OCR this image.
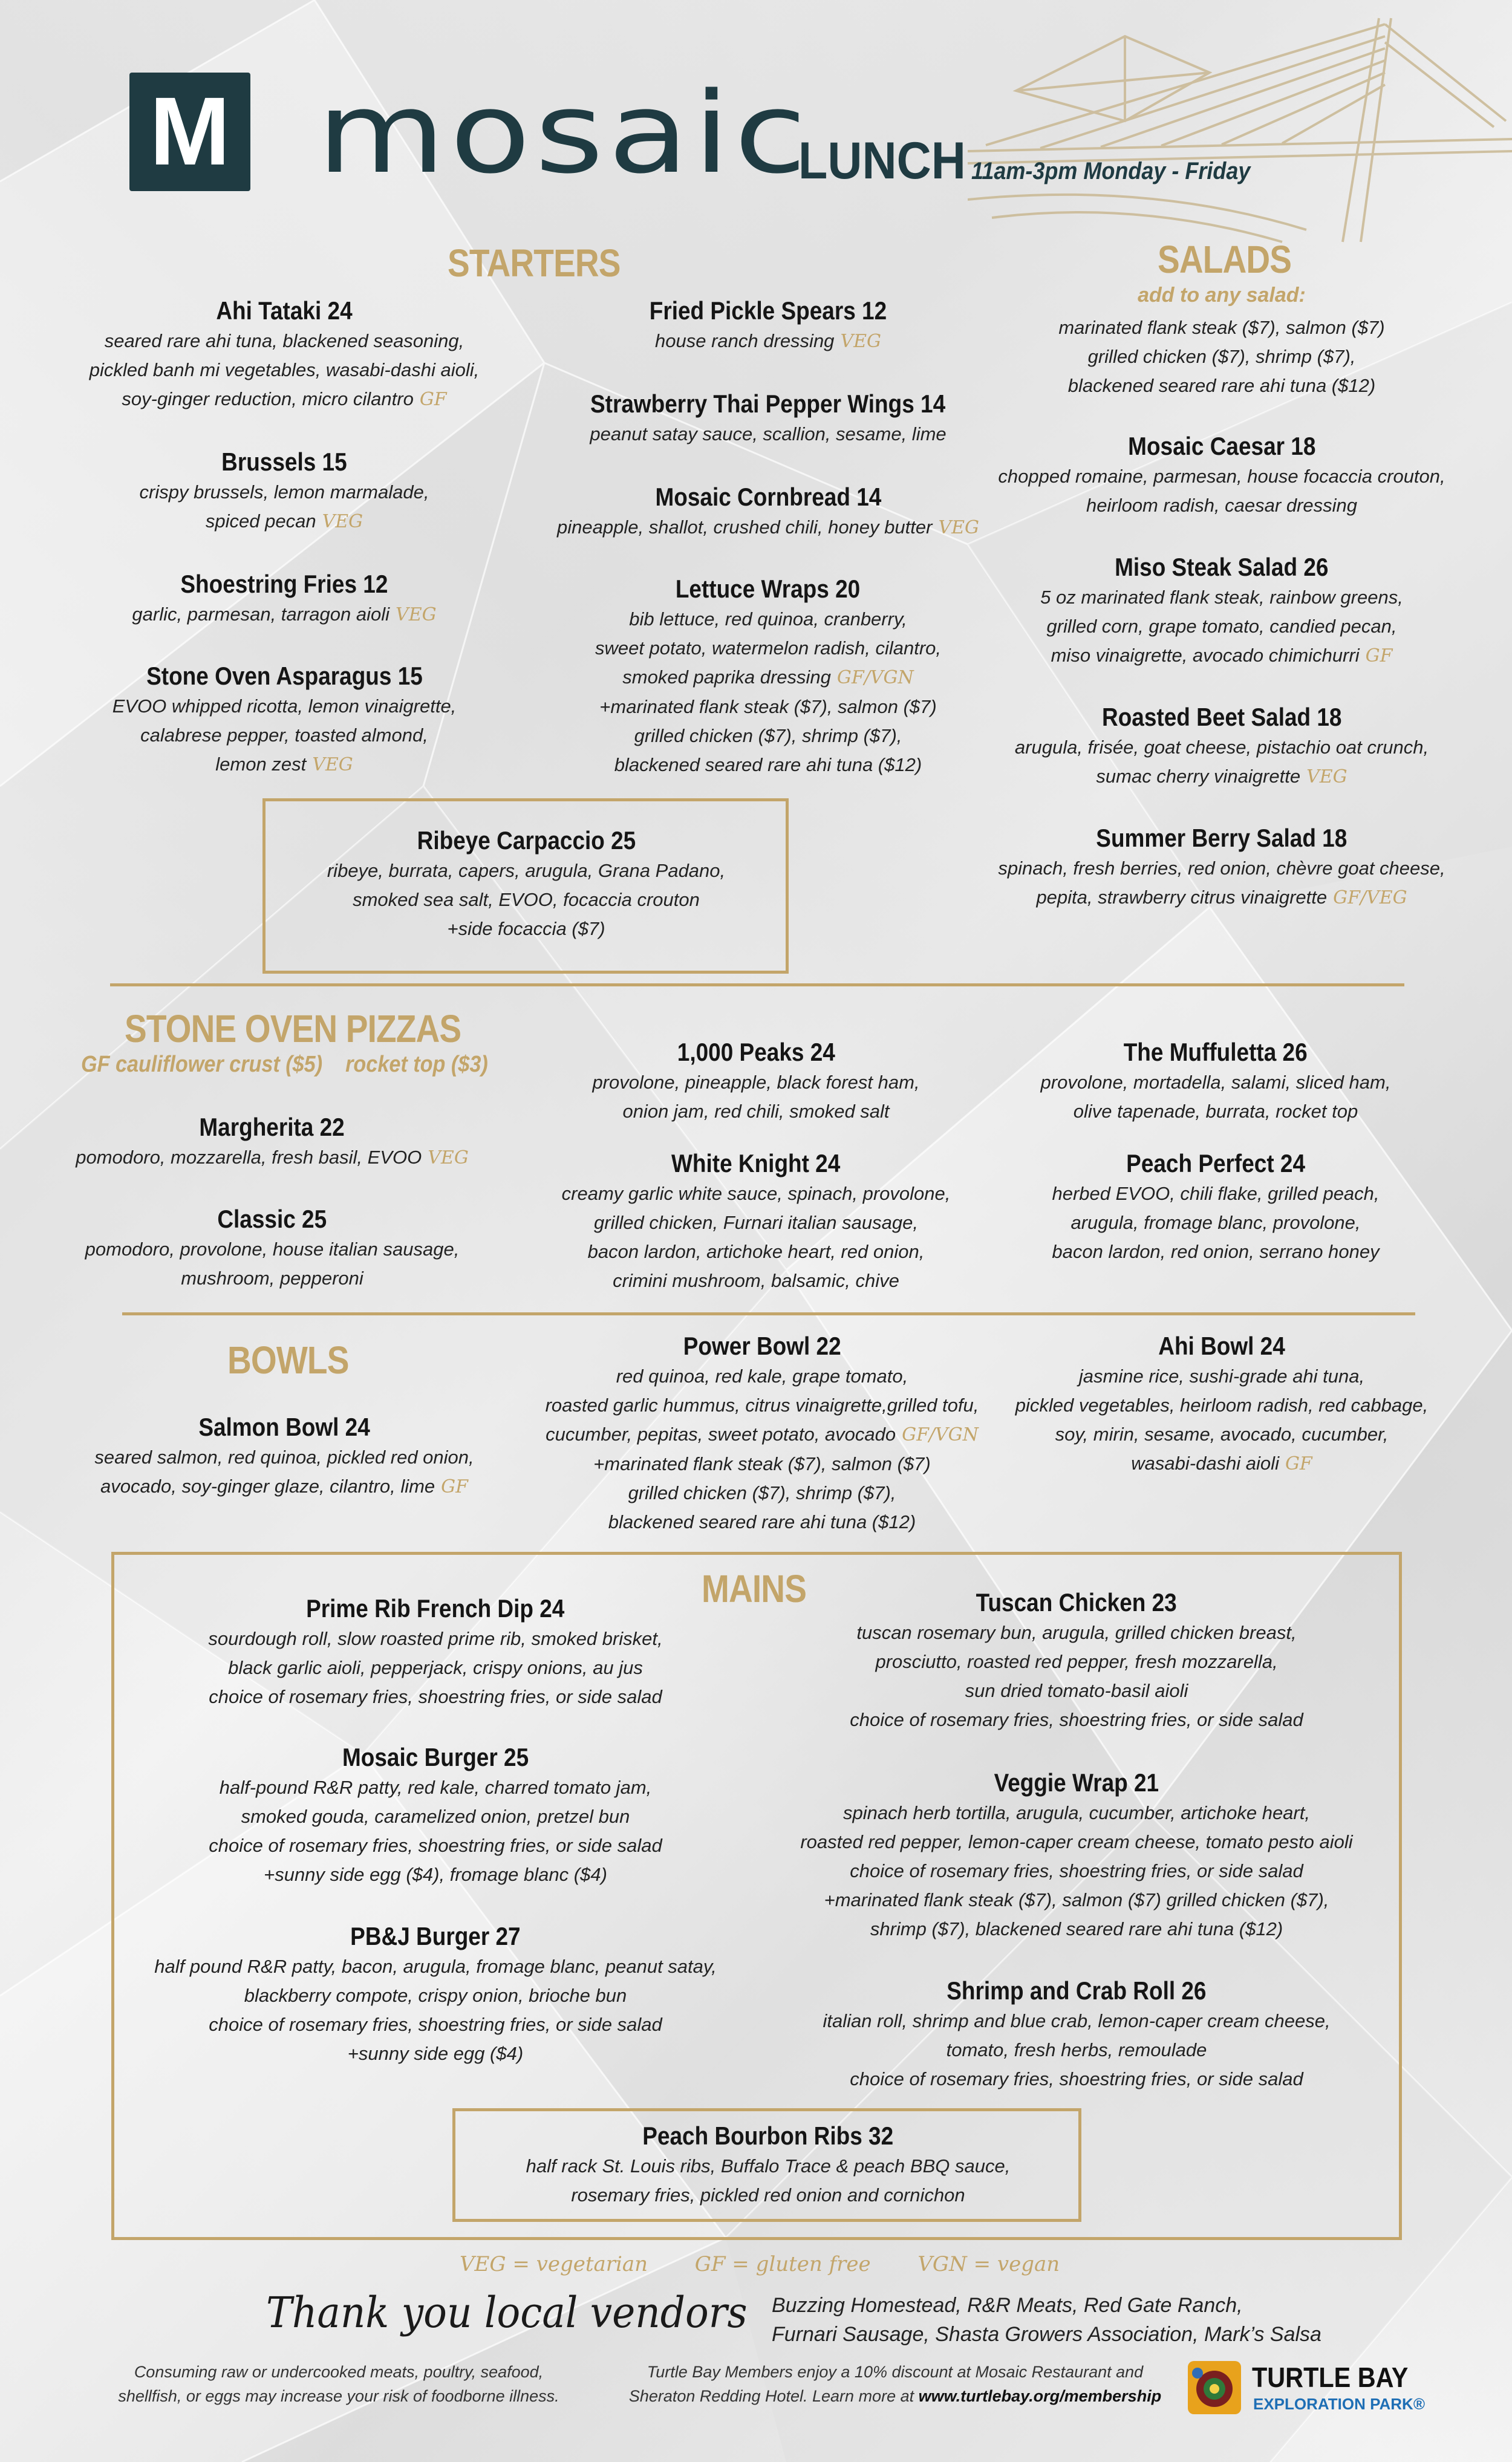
M mosaic
LUNCH 11am-3pm Monday - Friday
STARTERS
Ahi Tataki 24
seared rare ahi tuna, blackened seasoning,
pickled banh mi vegetables, wasabi-dashi aioli,
soy-ginger reduction, micro cilantro GF
Brussels 15
crispy brussels, lemon marmalade,
spiced pecan VEG
Shoestring Fries 12
garlic, parmesan, tarragon aioli VEG
Stone Oven Asparagus 15
EVOO whipped ricotta, lemon vinaigrette,
calabrese pepper, toasted almond,
lemon zest VEG
Fried Pickle Spears 12
house ranch dressing VEG
Strawberry Thai Pepper Wings 14
peanut satay sauce, scallion, sesame, lime
Mosaic Cornbread 14
pineapple, shallot, crushed chili, honey butter VEG
Lettuce Wraps 20
bib lettuce, red quinoa, cranberry,
sweet potato, watermelon radish, cilantro,
smoked paprika dressing GF/VGN
+marinated flank steak ($7), salmon ($7)
grilled chicken ($7), shrimp ($7),
blackened seared rare ahi tuna ($12)
Ribeye Carpaccio 25
ribeye, burrata, capers, arugula, Grana Padano,
smoked sea salt, EVOO, focaccia crouton
+side focaccia ($7)
SALADS
add to any salad:
marinated flank steak ($7), salmon ($7)
grilled chicken ($7), shrimp ($7),
blackened seared rare ahi tuna ($12)
Mosaic Caesar 18
chopped romaine, parmesan, house focaccia crouton,
heirloom radish, caesar dressing
Miso Steak Salad 26
5 oz marinated flank steak, rainbow greens,
grilled corn, grape tomato, candied pecan,
miso vinaigrette, avocado chimichurri GF
Roasted Beet Salad 18
arugula, frisée, goat cheese, pistachio oat crunch,
sumac cherry vinaigrette VEG
Summer Berry Salad 18
spinach, fresh berries, red onion, chèvre goat cheese,
pepita, strawberry citrus vinaigrette GF/VEG
STONE OVEN PIZZAS
GF cauliflower crust ($5)    rocket top ($3)
Margherita 22
pomodoro, mozzarella, fresh basil, EVOO VEG
Classic 25
pomodoro, provolone, house italian sausage,
mushroom, pepperoni
1,000 Peaks 24
provolone, pineapple, black forest ham,
onion jam, red chili, smoked salt
White Knight 24
creamy garlic white sauce, spinach, provolone,
grilled chicken, Furnari italian sausage,
bacon lardon, artichoke heart, red onion,
crimini mushroom, balsamic, chive
The Muffuletta 26
provolone, mortadella, salami, sliced ham,
olive tapenade, burrata, rocket top
Peach Perfect 24
herbed EVOO, chili flake, grilled peach,
arugula, fromage blanc, provolone,
bacon lardon, red onion, serrano honey
BOWLS
Salmon Bowl 24
seared salmon, red quinoa, pickled red onion,
avocado, soy-ginger glaze, cilantro, lime GF
Power Bowl 22
red quinoa, red kale, grape tomato,
roasted garlic hummus, citrus vinaigrette,grilled tofu,
cucumber, pepitas, sweet potato, avocado GF/VGN
+marinated flank steak ($7), salmon ($7)
grilled chicken ($7), shrimp ($7),
blackened seared rare ahi tuna ($12)
Ahi Bowl 24
jasmine rice, sushi-grade ahi tuna,
pickled vegetables, heirloom radish, red cabbage,
soy, mirin, sesame, avocado, cucumber,
wasabi-dashi aioli GF
MAINS
Prime Rib French Dip 24
sourdough roll, slow roasted prime rib, smoked brisket,
black garlic aioli, pepperjack, crispy onions, au jus
choice of rosemary fries, shoestring fries, or side salad
Mosaic Burger 25
half-pound R&R patty, red kale, charred tomato jam,
smoked gouda, caramelized onion, pretzel bun
choice of rosemary fries, shoestring fries, or side salad
+sunny side egg ($4), fromage blanc ($4)
PB&J Burger 27
half pound R&R patty, bacon, arugula, fromage blanc, peanut satay,
blackberry compote, crispy onion, brioche bun
choice of rosemary fries, shoestring fries, or side salad
+sunny side egg ($4)
Tuscan Chicken 23
tuscan rosemary bun, arugula, grilled chicken breast,
prosciutto, roasted red pepper, fresh mozzarella,
sun dried tomato-basil aioli
choice of rosemary fries, shoestring fries, or side salad
Veggie Wrap 21
spinach herb tortilla, arugula, cucumber, artichoke heart,
roasted red pepper, lemon-caper cream cheese, tomato pesto aioli
choice of rosemary fries, shoestring fries, or side salad
+marinated flank steak ($7), salmon ($7) grilled chicken ($7),
shrimp ($7), blackened seared rare ahi tuna ($12)
Shrimp and Crab Roll 26
italian roll, shrimp and blue crab, lemon-caper cream cheese,
tomato, fresh herbs, remoulade
choice of rosemary fries, shoestring fries, or side salad
Peach Bourbon Ribs 32
half rack St. Louis ribs, Buffalo Trace & peach BBQ sauce,
rosemary fries, pickled red onion and cornichon
VEG = vegetarian GF = gluten free VGN = vegan
Thank you local vendors Buzzing Homestead, R&R Meats, Red Gate Ranch,
Furnari Sausage, Shasta Growers Association, Mark’s Salsa
Consuming raw or undercooked meats, poultry, seafood,
shellfish, or eggs may increase your risk of foodborne illness.
Turtle Bay Members enjoy a 10% discount at Mosaic Restaurant and
Sheraton Redding Hotel. Learn more at www.turtlebay.org/membership
TURTLE BAY
EXPLORATION PARK®
